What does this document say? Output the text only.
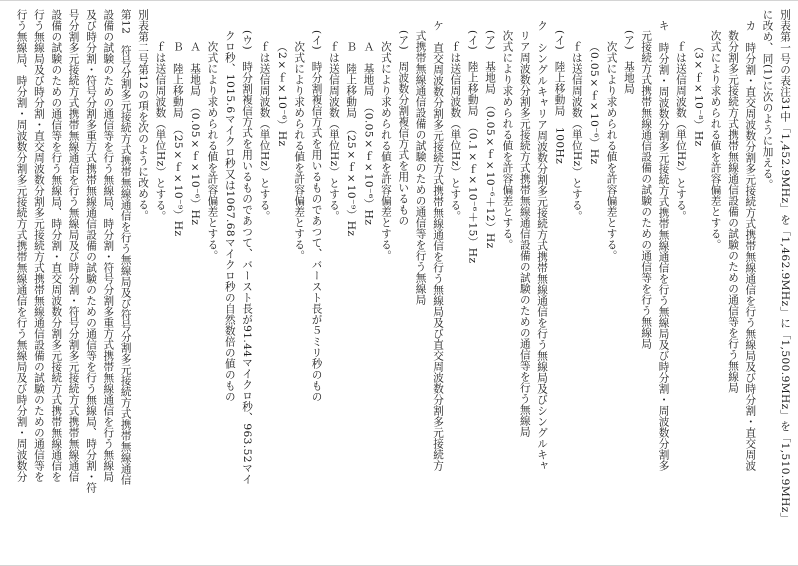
別表第一号の表注31中「1,452.9MHz」を「1,462.9MHz」に「1,500.9MHz」を「1,510.9MHz」
に改め、同(1)に次のように加える。
カ　時分割・直交周波数分割多元接続方式携帯無線通信を行う無線局及び時分割・直交周波
数分割多元接続方式携帯無線通信設備の試験のための通信等を行う無線局
次式により求められる値を許容偏差とする。
（3×ｆ×10⁻⁸）Hz
ｆは送信周波数（単位Hz）とする。
キ　時分割・周波数分割多元接続方式携帯無線通信を行う無線局及び時分割・周波数分割多
元接続方式携帯無線通信設備の試験のための通信等を行う無線局
(ア)　基地局
次式により求められる値を許容偏差とする。
（0.05×ｆ×10⁻⁶）Hz
ｆは送信周波数（単位Hz）とする。
(イ)　陸上移動局　100Hz
ク　シングルキャリア周波数分割多元接続方式携帯無線通信を行う無線局及びシングルキャ
リア周波数分割多元接続方式携帯無線通信設備の試験のための通信等を行う無線局
次式により求められる値を許容偏差とする。
(ア)　基地局　（0.05×ｆ×10⁻⁶＋12）Hz
(イ)　陸上移動局　（0.1×ｆ×10⁻⁶＋15）Hz
ｆは送信周波数（単位Hz）とする。
ケ　直交周波数分割多元接続方式携帯無線通信を行う無線局及び直交周波数分割多元接続方
式携帯無線通信設備の試験のための通信等を行う無線局
(ア)　周波数分割複信方式を用いるもの
次式により求められる値を許容偏差とする。
Ａ　基地局　（0.05×ｆ×10⁻⁶）Hz
Ｂ　陸上移動局　（25×ｆ×10⁻⁹）Hz
ｆは送信周波数（単位Hz）とする。
(イ)　時分割複信方式を用いるものであつて、バースト長が５ミリ秒のもの
次式により求められる値を許容偏差とする。
（2×ｆ×10⁻⁶）Hz
ｆは送信周波数（単位Hz）とする。
(ウ)　時分割複信方式を用いるものであつて、バースト長が91.44マイクロ秒、963.52マイ
クロ秒、1015.6マイクロ秒又は1067.68マイクロ秒の自然数倍の値のもの
次式により求められる値を許容偏差とする。
Ａ　基地局　（0.05×ｆ×10⁻⁶）Hz
Ｂ　陸上移動局　（25×ｆ×10⁻⁹）Hz
ｆは送信周波数（単位Hz）とする。
別表第二号第12の項を次のように改める。
第12　符号分割多元接続方式携帯無線通信を行う無線局及び符号分割多元接続方式携帯無線通信
設備の試験のための通信等を行う無線局、時分割・符号分割多重方式携帯無線通信を行う無線局
及び時分割・符号分割多重方式携帯無線通信設備の試験のための通信等を行う無線局、時分割・符
号分割多元接続方式携帯無線通信を行う無線局及び時分割・符号分割多元接続方式携帯無線通信
設備の試験のための通信等を行う無線局、時分割・直交周波数分割多元接続方式携帯無線通信を
行う無線局及び時分割・直交周波数分割多元接続方式携帯無線通信設備の試験のための通信等を
行う無線局、時分割・周波数分割多元接続方式携帯無線通信を行う無線局及び時分割・周波数分
